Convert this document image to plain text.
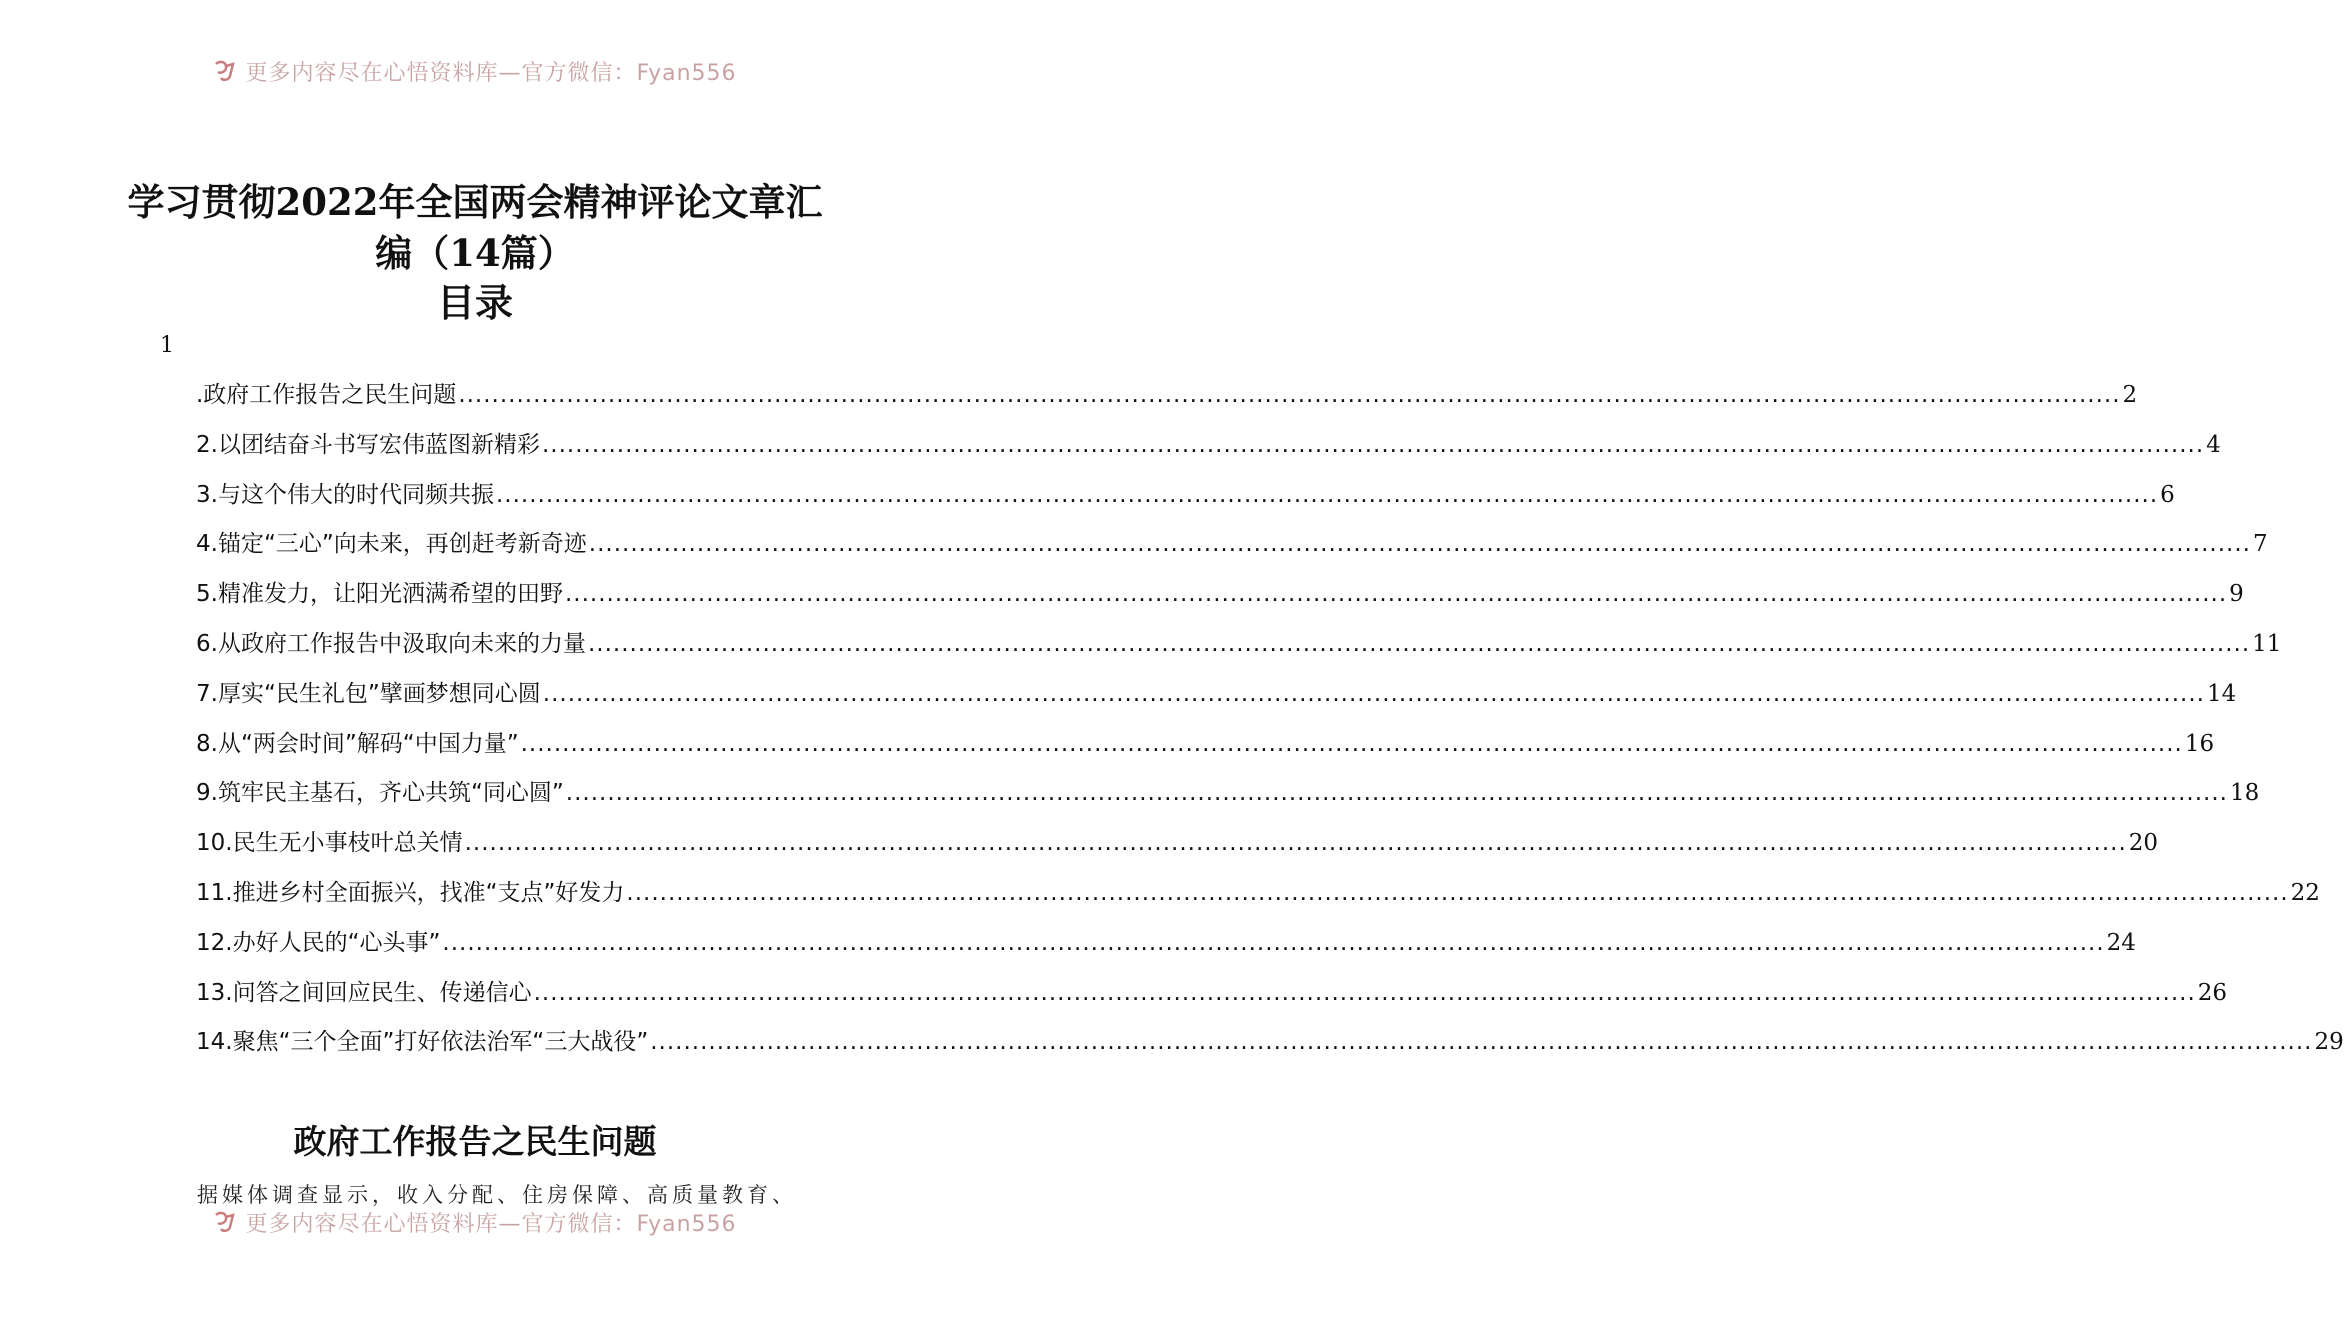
更多内容尽在心悟资料库—官方微信：Fyan556
学习贯彻2022年全国两会精神评论文章汇
编（14篇）
目录
1
.政府工作报告之民生问题 ........................................................................................................................................................................................................ 2
2.以团结奋斗书写宏伟蓝图新精彩 ........................................................................................................................................................................................................ 4
3.与这个伟大的时代同频共振 ........................................................................................................................................................................................................ 6
4.锚定“三心”向未来，再创赶考新奇迹 ........................................................................................................................................................................................................ 7
5.精准发力，让阳光洒满希望的田野 ........................................................................................................................................................................................................ 9
6.从政府工作报告中汲取向未来的力量 ........................................................................................................................................................................................................ 11
7.厚实“民生礼包”擘画梦想同心圆 ........................................................................................................................................................................................................ 14
8.从“两会时间”解码“中国力量” ........................................................................................................................................................................................................ 16
9.筑牢民主基石，齐心共筑“同心圆” ........................................................................................................................................................................................................ 18
10.民生无小事枝叶总关情 ........................................................................................................................................................................................................ 20
11.推进乡村全面振兴，找准“支点”好发力 ........................................................................................................................................................................................................ 22
12.办好人民的“心头事” ........................................................................................................................................................................................................ 24
13.问答之间回应民生、传递信心 ........................................................................................................................................................................................................ 26
14.聚焦“三个全面”打好依法治军“三大战役” ........................................................................................................................................................................................................ 29
政府工作报告之民生问题
据媒体调查显示，收入分配、住房保障、高质量教育、
更多内容尽在心悟资料库—官方微信：Fyan556
